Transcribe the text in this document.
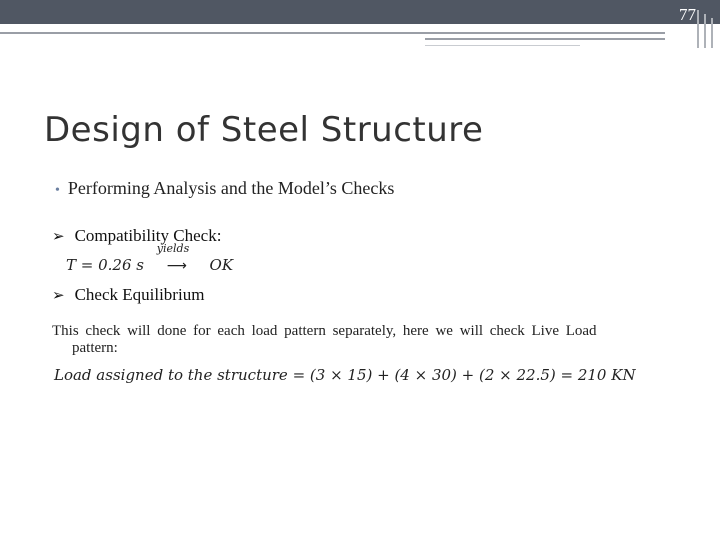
77
Design of Steel Structure
• Performing Analysis and the Model’s Checks
➢ Compatibility Check:
T = 0.26 s
yields
⟶ OK
➢ Check Equilibrium
This check will done for each load pattern separately, here we will check Live Load
pattern:
Load assigned to the structure = (3 × 15) + (4 × 30) + (2 × 22.5) = 210 KN
